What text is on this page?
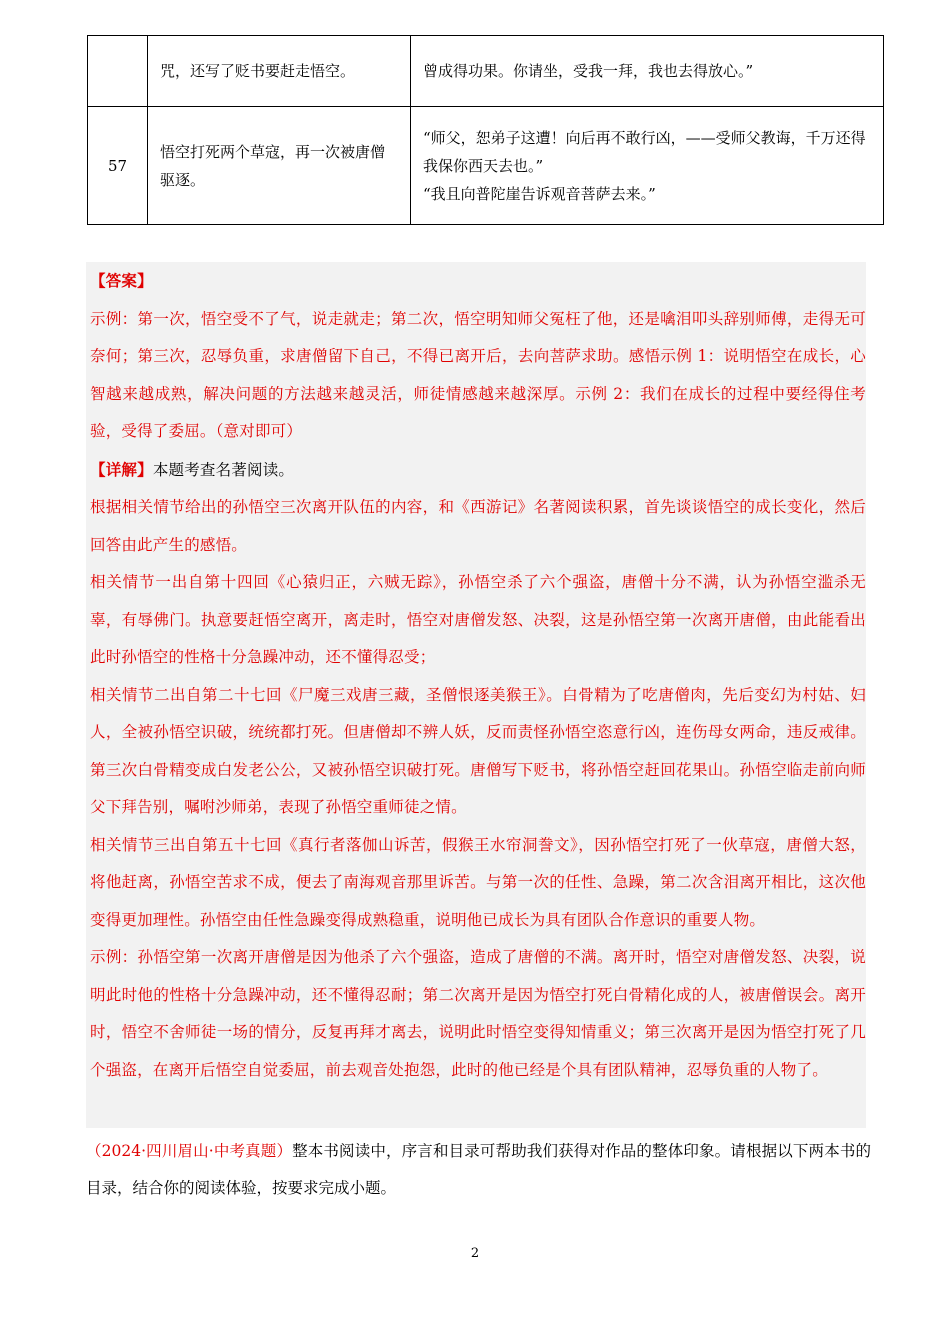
	咒，还写了贬书要赶走悟空。	曾成得功果。你请坐，受我一拜，我也去得放心。”

57	悟空打死两个草寇，再一次被唐僧驱逐。	“师父，恕弟子这遭！向后再不敢行凶，——受师父教诲，千万还得我保你西天去也。”

“我且向普陀崖告诉观音菩萨去来。”

【答案】

示例：第一次，悟空受不了气，说走就走；第二次，悟空明知师父冤枉了他，还是噙泪叩头辞别师傅，走得无可奈何；第三次，忍辱负重，求唐僧留下自己，不得已离开后，去向菩萨求助。感悟示例 1：说明悟空在成长，心智越来越成熟，解决问题的方法越来越灵活，师徒情感越来越深厚。示例 2：我们在成长的过程中要经得住考验，受得了委屈。（意对即可）

【详解】本题考查名著阅读。

根据相关情节给出的孙悟空三次离开队伍的内容，和《西游记》名著阅读积累，首先谈谈悟空的成长变化，然后回答由此产生的感悟。

相关情节一出自第十四回《心猿归正，六贼无踪》，孙悟空杀了六个强盗，唐僧十分不满，认为孙悟空滥杀无辜，有辱佛门。执意要赶悟空离开，离走时，悟空对唐僧发怒、决裂，这是孙悟空第一次离开唐僧，由此能看出此时孙悟空的性格十分急躁冲动，还不懂得忍受；

相关情节二出自第二十七回《尸魔三戏唐三藏，圣僧恨逐美猴王》。白骨精为了吃唐僧肉，先后变幻为村姑、妇人，全被孙悟空识破，统统都打死。但唐僧却不辨人妖，反而责怪孙悟空恣意行凶，连伤母女两命，违反戒律。第三次白骨精变成白发老公公，又被孙悟空识破打死。唐僧写下贬书，将孙悟空赶回花果山。孙悟空临走前向师父下拜告别，嘱咐沙师弟，表现了孙悟空重师徒之情。

相关情节三出自第五十七回《真行者落伽山诉苦，假猴王水帘洞誊文》，因孙悟空打死了一伙草寇，唐僧大怒，将他赶离，孙悟空苦求不成，便去了南海观音那里诉苦。与第一次的任性、急躁，第二次含泪离开相比，这次他变得更加理性。孙悟空由任性急躁变得成熟稳重，说明他已成长为具有团队合作意识的重要人物。

示例：孙悟空第一次离开唐僧是因为他杀了六个强盗，造成了唐僧的不满。离开时，悟空对唐僧发怒、决裂，说明此时他的性格十分急躁冲动，还不懂得忍耐；第二次离开是因为悟空打死白骨精化成的人，被唐僧误会。离开时，悟空不舍师徒一场的情分，反复再拜才离去，说明此时悟空变得知情重义；第三次离开是因为悟空打死了几个强盗，在离开后悟空自觉委屈，前去观音处抱怨，此时的他已经是个具有团队精神，忍辱负重的人物了。

（2024·四川眉山·中考真题）整本书阅读中，序言和目录可帮助我们获得对作品的整体印象。请根据以下两本书的目录，结合你的阅读体验，按要求完成小题。
2
